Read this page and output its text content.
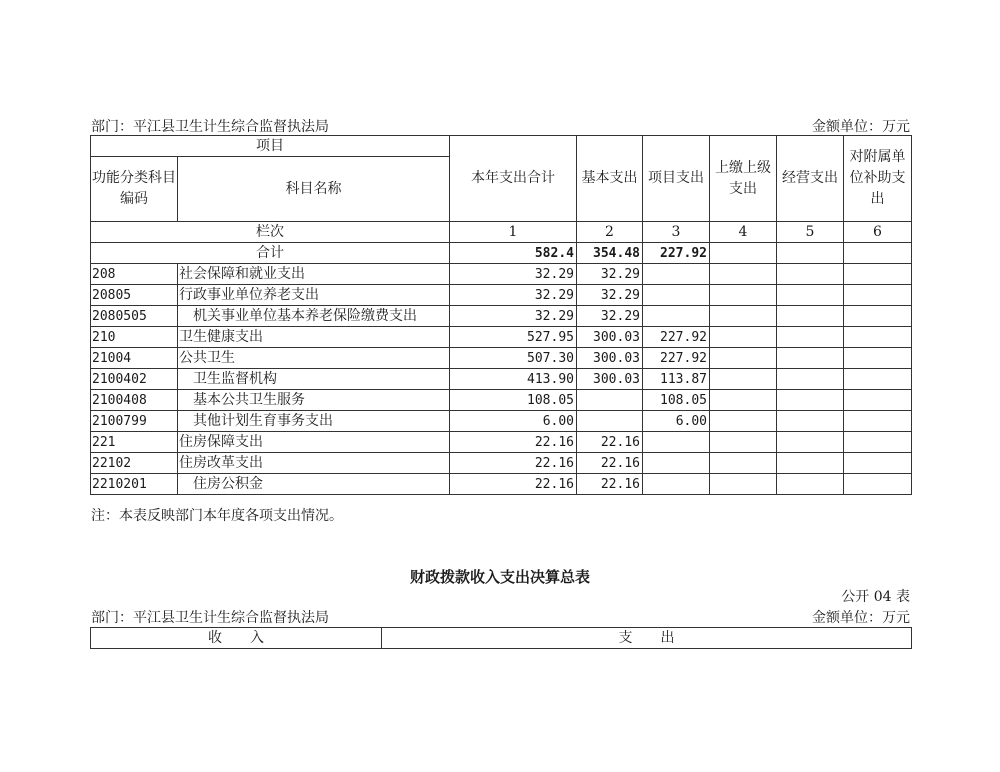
部门：平江县卫生计生综合监督执法局	金额单位：万元
项目		本年支出合计	基本支出	项目支出	上缴上级支出	经营支出	对附属单位补助支出
功能分类科目编码	科目名称						
栏次		1	2	3	4	5	6
合计		582.4	354.48	227.92			
208	社会保障和就业支出	32.29	32.29				
20805	行政事业单位养老支出	32.29	32.29				
2080505	　机关事业单位基本养老保险缴费支出	32.29	32.29				
210	卫生健康支出	527.95	300.03	227.92			
21004	公共卫生	507.30	300.03	227.92			
2100402	　卫生监督机构	413.90	300.03	113.87			
2100408	　基本公共卫生服务	108.05		108.05			
2100799	　其他计划生育事务支出	6.00		6.00			
221	住房保障支出	22.16	22.16				
22102	住房改革支出	22.16	22.16				
2210201	　住房公积金	22.16	22.16				
注：本表反映部门本年度各项支出情况。
财政拨款收入支出决算总表
公开 04 表
部门：平江县卫生计生综合监督执法局	金额单位：万元
收　　入	支　　出
